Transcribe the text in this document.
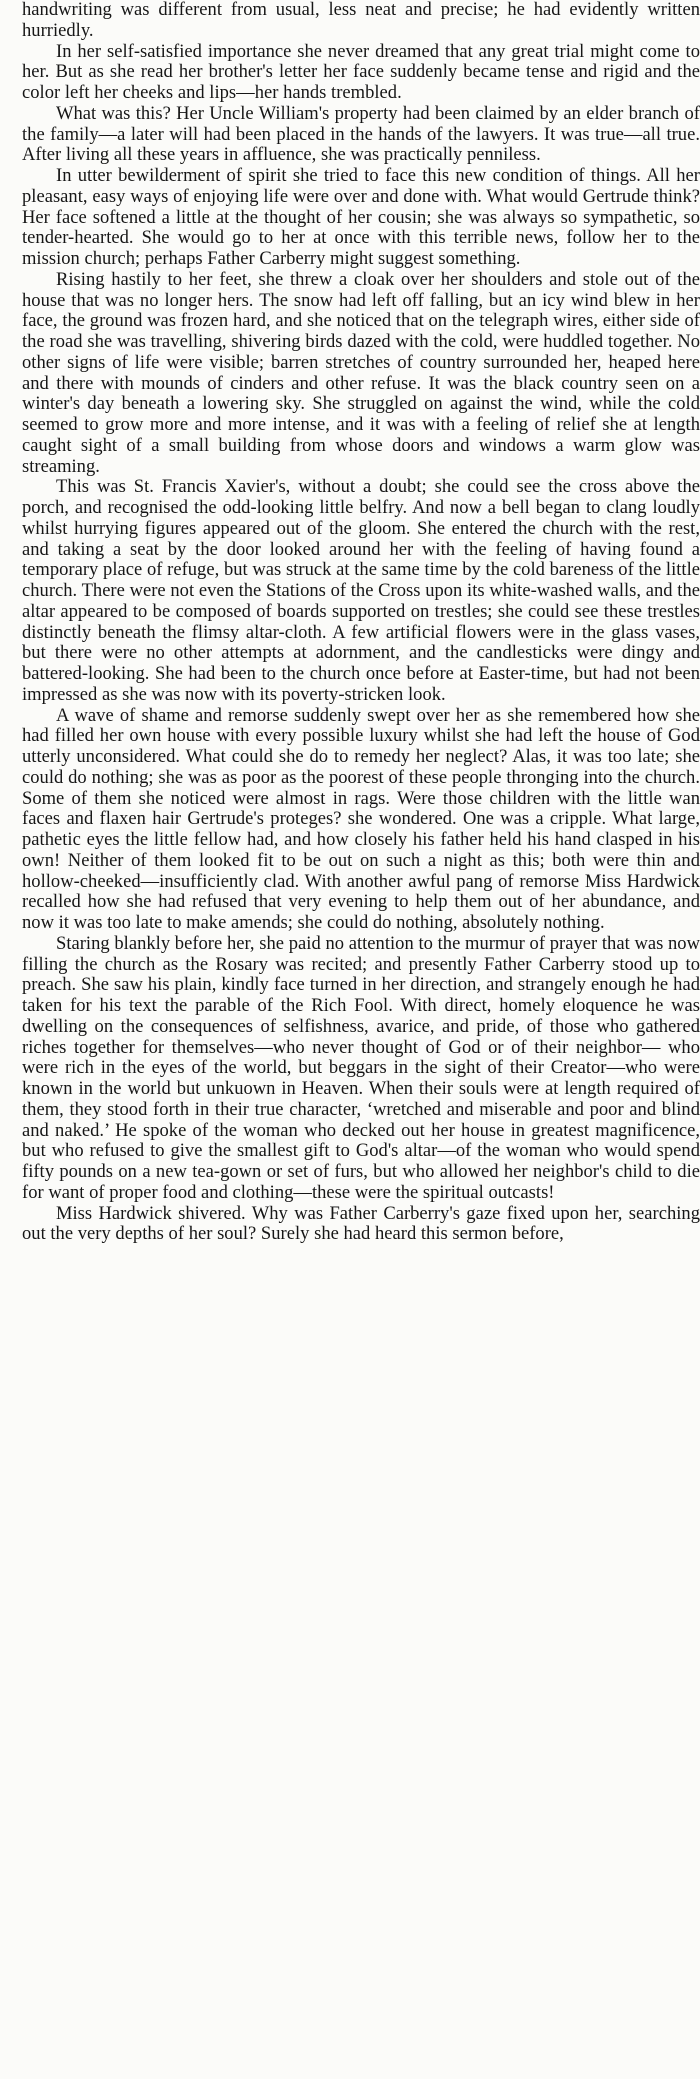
handwriting was different from usual, less neat and precise; he had evidently written hurriedly.

In her self-satisfied importance she never dreamed that any great trial might come to her. But as she read her brother's letter her face suddenly became tense and rigid and the color left her cheeks and lips—her hands trembled.

What was this? Her Uncle William's property had been claimed by an elder branch of the family—a later will had been placed in the hands of the lawyers. It was true—all true. After living all these years in affluence, she was practically penniless.

In utter bewilderment of spirit she tried to face this new condition of things. All her pleasant, easy ways of enjoying life were over and done with. What would Gertrude think? Her face softened a little at the thought of her cousin; she was always so sympathetic, so tender-hearted. She would go to her at once with this terrible news, follow her to the mission church; perhaps Father Carberry might suggest something.

Rising hastily to her feet, she threw a cloak over her shoulders and stole out of the house that was no longer hers. The snow had left off falling, but an icy wind blew in her face, the ground was frozen hard, and she noticed that on the telegraph wires, either side of the road she was travelling, shivering birds dazed with the cold, were huddled together. No other signs of life were visible; barren stretches of country surrounded her, heaped here and there with mounds of cinders and other refuse. It was the black country seen on a winter's day beneath a lowering sky. She struggled on against the wind, while the cold seemed to grow more and more intense, and it was with a feeling of relief she at length caught sight of a small building from whose doors and windows a warm glow was streaming.

This was St. Francis Xavier's, without a doubt; she could see the cross above the porch, and recognised the odd-looking little belfry. And now a bell began to clang loudly whilst hurrying figures appeared out of the gloom. She entered the church with the rest, and taking a seat by the door looked around her with the feeling of having found a temporary place of refuge, but was struck at the same time by the cold bareness of the little church. There were not even the Stations of the Cross upon its white-washed walls, and the altar appeared to be composed of boards supported on trestles; she could see these trestles distinctly beneath the flimsy altar-cloth. A few artificial flowers were in the glass vases, but there were no other attempts at adornment, and the candlesticks were dingy and battered-looking. She had been to the church once before at Easter-time, but had not been impressed as she was now with its poverty-stricken look.

A wave of shame and remorse suddenly swept over her as she remembered how she had filled her own house with every possible luxury whilst she had left the house of God utterly unconsidered. What could she do to remedy her neglect? Alas, it was too late; she could do nothing; she was as poor as the poorest of these people thronging into the church. Some of them she noticed were almost in rags. Were those children with the little wan faces and flaxen hair Gertrude's proteges? she wondered. One was a cripple. What large, pathetic eyes the little fellow had, and how closely his father held his hand clasped in his own! Neither of them looked fit to be out on such a night as this; both were thin and hollow-cheeked—insufficiently clad. With another awful pang of remorse Miss Hardwick recalled how she had refused that very evening to help them out of her abundance, and now it was too late to make amends; she could do nothing, absolutely nothing.

Staring blankly before her, she paid no attention to the murmur of prayer that was now filling the church as the Rosary was recited; and presently Father Carberry stood up to preach. She saw his plain, kindly face turned in her direction, and strangely enough he had taken for his text the parable of the Rich Fool. With direct, homely eloquence he was dwelling on the consequences of selfishness, avarice, and pride, of those who gathered riches together for themselves—who never thought of God or of their neighbor— who were rich in the eyes of the world, but beggars in the sight of their Creator—who were known in the world but unkuown in Heaven. When their souls were at length required of them, they stood forth in their true character, ‘wretched and miserable and poor and blind and naked.’ He spoke of the woman who decked out her house in greatest magnificence, but who refused to give the smallest gift to God's altar—of the woman who would spend fifty pounds on a new tea-gown or set of furs, but who allowed her neighbor's child to die for want of proper food and clothing—these were the spiritual outcasts!

Miss Hardwick shivered. Why was Father Carberry's gaze fixed upon her, searching out the very depths of her soul? Surely she had heard this sermon before,
